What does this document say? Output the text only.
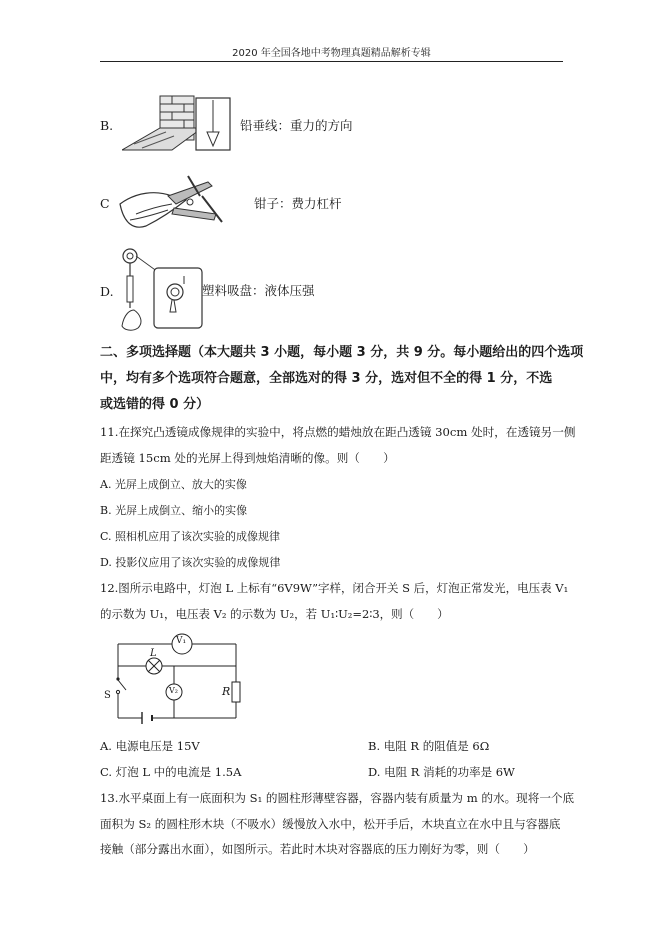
2020 年全国各地中考物理真题精品解析专辑
B.	铅垂线：重力的方向
C	钳子：费力杠杆
D.	塑料吸盘：液体压强
二、多项选择题（本大题共 3 小题，每小题 3 分，共 9 分。每小题给出的四个选项
中，均有多个选项符合题意，全部选对的得 3 分，选对但不全的得 1 分，不选
或选错的得 0 分）
11.在探究凸透镜成像规律的实验中，将点燃的蜡烛放在距凸透镜 30cm 处时，在透镜另一侧
距透镜 15cm 处的光屏上得到烛焰清晰的像。则（　　）
A. 光屏上成倒立、放大的实像
B. 光屏上成倒立、缩小的实像
C. 照相机应用了该次实验的成像规律
D. 投影仪应用了该次实验的成像规律
12.图所示电路中，灯泡 L 上标有“6V9W”字样，闭合开关 S 后，灯泡正常发光，电压表 V₁
的示数为 U₁，电压表 V₂ 的示数为 U₂，若 U₁∶U₂=2∶3，则（　　）
V₁
L
V₂
S	R
A. 电源电压是 15V	B. 电阻 R 的阻值是 6Ω
C. 灯泡 L 中的电流是 1.5A	D. 电阻 R 消耗的功率是 6W
13.水平桌面上有一底面积为 S₁ 的圆柱形薄壁容器，容器内装有质量为 m 的水。现将一个底
面积为 S₂ 的圆柱形木块（不吸水）缓慢放入水中，松开手后，木块直立在水中且与容器底
接触（部分露出水面），如图所示。若此时木块对容器底的压力刚好为零，则（　　）
